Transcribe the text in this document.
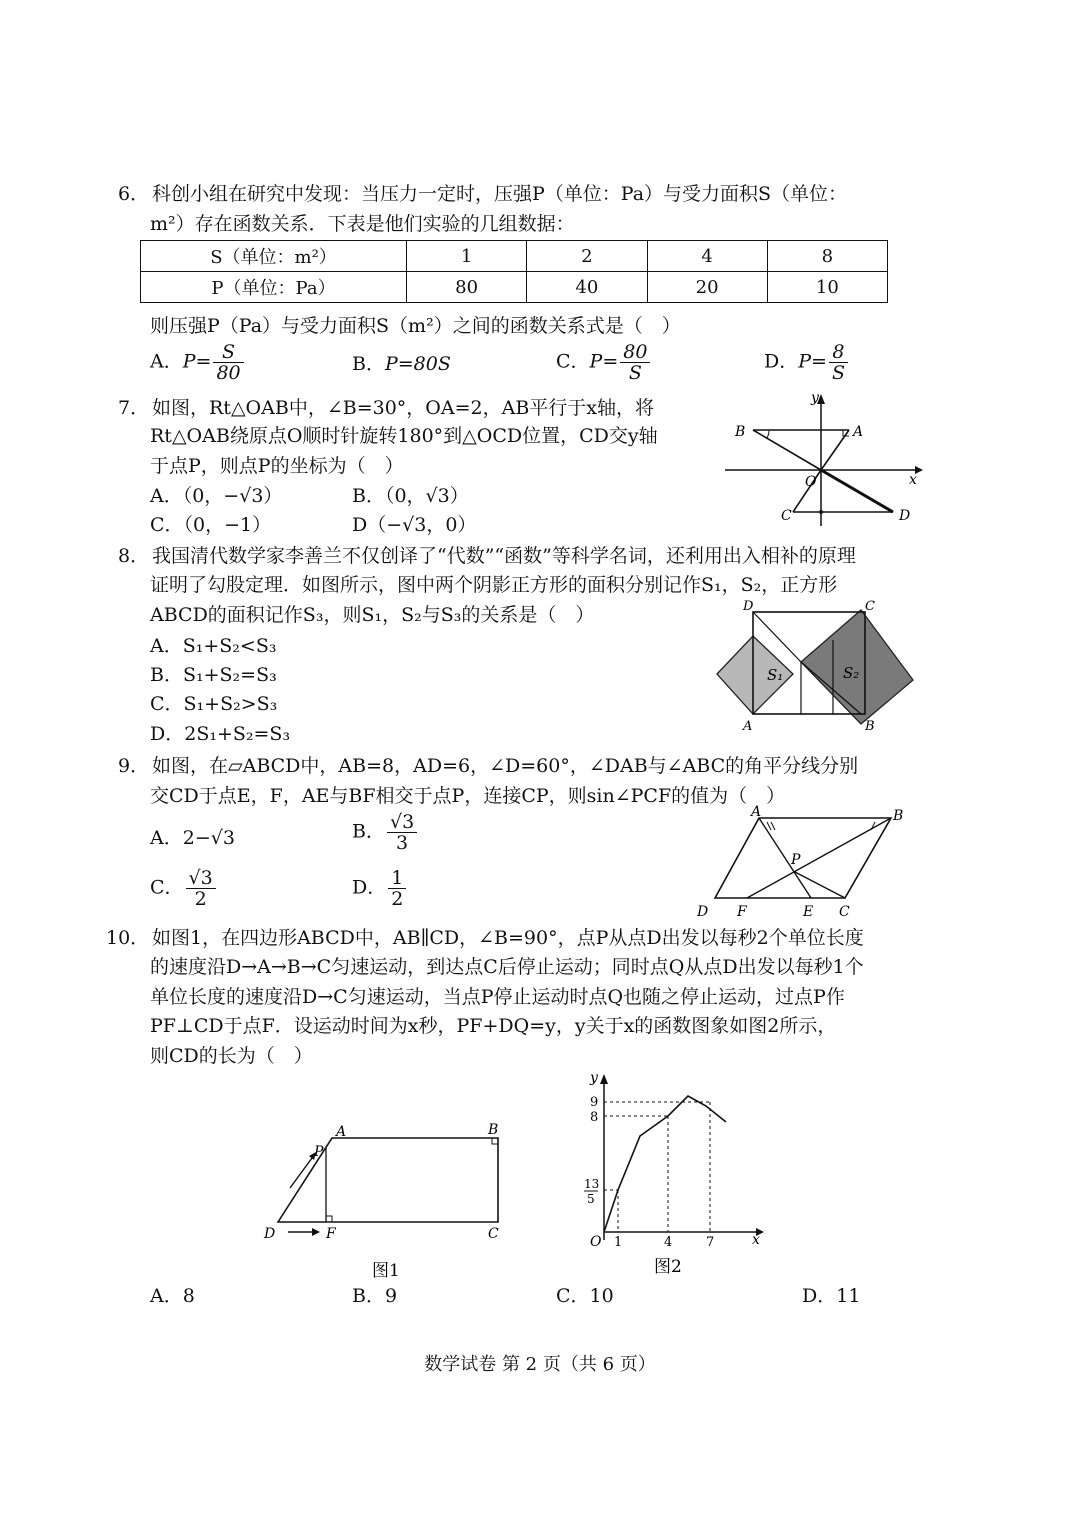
6． 科创小组在研究中发现：当压力一定时，压强P（单位：Pa）与受力面积S（单位：
m²）存在函数关系．下表是他们实验的几组数据：
S（单位：m²）	1	2	4	8
P（单位：Pa）	80	40	20	10
则压强P（Pa）与受力面积S（m²）之间的函数关系式是（　）
A．$P= \frac{S}{80}$	B．P=80S	C．$P= \frac{80}{S}$	D．$P= \frac{8}{S}$
7． 如图，Rt△OAB中，∠B=30°，OA=2，AB平行于x轴，将
Rt△OAB绕原点O顺时针旋转180°到△OCD位置，CD交y轴
于点P，则点P的坐标为（　）
A．（0，−√3）	B．（0，√3）
C．（0，−1）	D（−√3，0）
y
x
O
A
B
C	D
8． 我国清代数学家李善兰不仅创译了“代数”“函数”等科学名词，还利用出入相补的原理
证明了勾股定理．如图所示，图中两个阴影正方形的面积分别记作S₁，S₂，正方形
ABCD的面积记作S₃，则S₁，S₂与S₃的关系是（　）
A．S₁+S₂<S₃
B．S₁+S₂=S₃
C．S₁+S₂>S₃
D．2S₁+S₂=S₃
D	C
A	B
S₁	S₂
9． 如图，在▱ABCD中，AB=8，AD=6，∠D=60°，∠DAB与∠ABC的角平分线分别
交CD于点E，F，AE与BF相交于点P，连接CP，则sin∠PCF的值为（　）
A．2−√3	B． $\frac{√3}{3}$
C． $\frac{√3}{2}$	D． $\frac{1}{2}$
A	B
C
D	E
F
P
10． 如图1，在四边形ABCD中，AB∥CD，∠B=90°，点P从点D出发以每秒2个单位长度
的速度沿D→A→B→C匀速运动，到达点C后停止运动；同时点Q从点D出发以每秒1个
单位长度的速度沿D→C匀速运动，当点P停止运动时点Q也随之停止运动，过点P作
PF⊥CD于点F．设运动时间为x秒，PF+DQ=y，y关于x的函数图象如图2所示，
则CD的长为（　）
D	F	C
A	B
P
图1
y
x
O 1	4	7
9
8
13
5
图2
A．8	B．9	C．10	D．11
数学试卷 第 2 页（共 6 页）
